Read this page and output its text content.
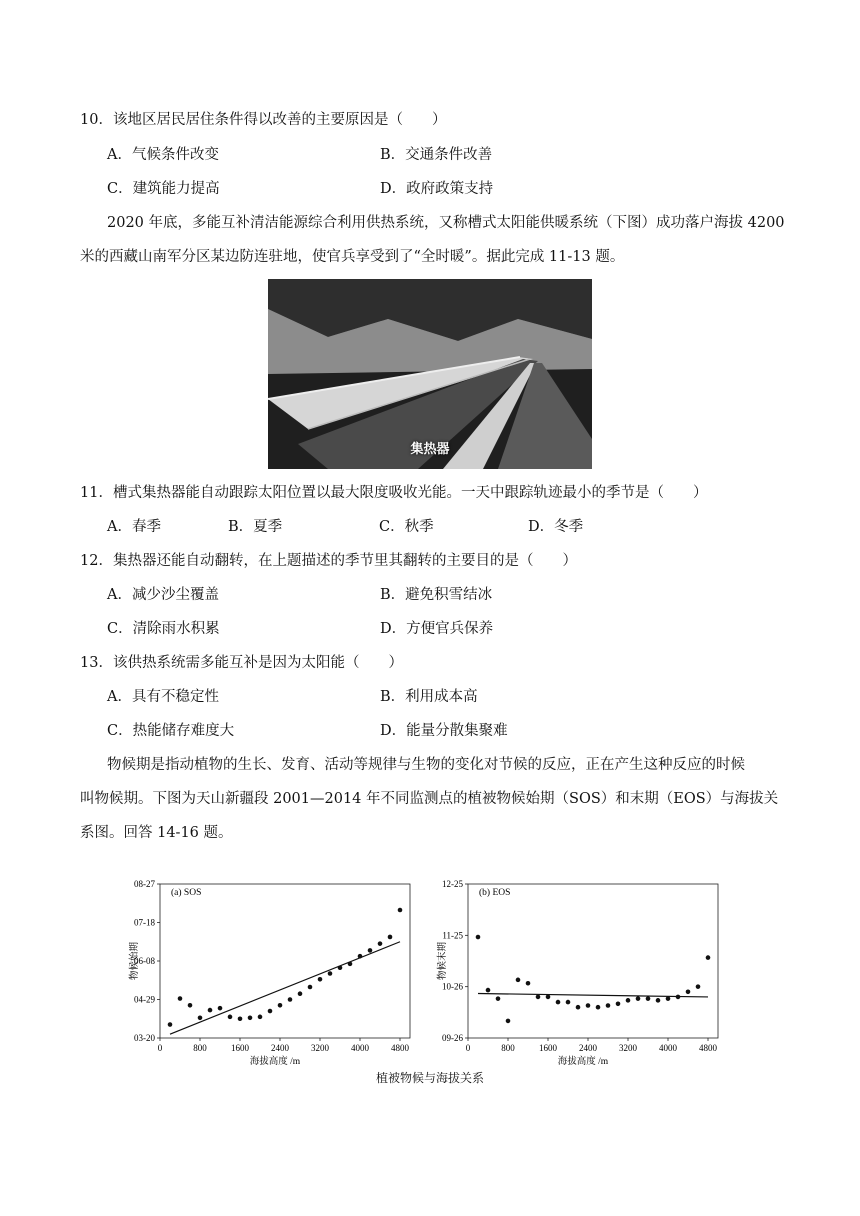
10．该地区居民居住条件得以改善的主要原因是（　　）
A．气候条件改变	B．交通条件改善
C．建筑能力提高	D．政府政策支持
2020 年底，多能互补清洁能源综合利用供热系统，又称槽式太阳能供暖系统（下图）成功落户海拔 4200
米的西藏山南军分区某边防连驻地，使官兵享受到了“全时暖”。据此完成 11-13 题。
集热器
11．槽式集热器能自动跟踪太阳位置以最大限度吸收光能。一天中跟踪轨迹最小的季节是（　　）
A．春季	B．夏季	C．秋季	D．冬季
12．集热器还能自动翻转，在上题描述的季节里其翻转的主要目的是（　　）
A．减少沙尘覆盖	B．避免积雪结冰
C．清除雨水积累	D．方便官兵保养
13．该供热系统需多能互补是因为太阳能（　　）
A．具有不稳定性	B．利用成本高
C．热能储存难度大	D．能量分散集聚难
物候期是指动植物的生长、发育、活动等规律与生物的变化对节候的反应，正在产生这种反应的时候
叫物候期。下图为天山新疆段 2001—2014 年不同监测点的植被物候始期（SOS）和末期（EOS）与海拔关
系图。回答 14-16 题。
0	800	1600 2400 3200 4000 4800
03-20
04-29
06-08
07-18
08-27
(a) SOS
海拔高度 /m
物候始期
0	800	1600 2400 3200 4000 4800
09-26
10-26
11-25
12-25
(b) EOS
海拔高度 /m
物候末期
植被物候与海拔关系
